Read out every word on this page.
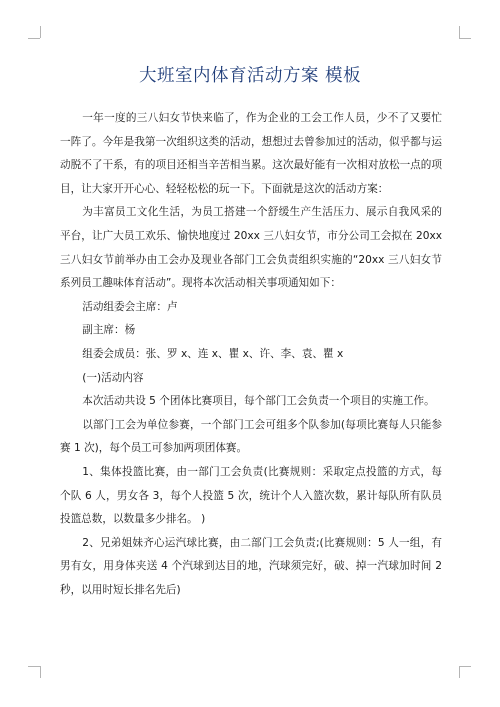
大班室内体育活动方案 模板

一年一度的三八妇女节快来临了，作为企业的工会工作人员，少不了又要忙一阵了。今年是我第一次组织这类的活动，想想过去曾参加过的活动，似乎都与运动脱不了干系，有的项目还相当辛苦相当累。这次最好能有一次相对放松一点的项目，让大家开开心心、轻轻松松的玩一下。下面就是这次的活动方案：

为丰富员工文化生活，为员工搭建一个舒缓生产生活压力、展示自我风采的平台，让广大员工欢乐、愉快地度过 20xx 三八妇女节，市分公司工会拟在 20xx 三八妇女节前举办由工会办及现业各部门工会负责组织实施的“20xx 三八妇女节系列员工趣味体育活动”。现将本次活动相关事项通知如下：

活动组委会主席：卢

副主席：杨

组委会成员：张、罗 x、连 x、瞿 x、许、李、袁、瞿 x

(一)活动内容

本次活动共设 5 个团体比赛项目，每个部门工会负责一个项目的实施工作。

以部门工会为单位参赛，一个部门工会可组多个队参加(每项比赛每人只能参赛 1 次)，每个员工可参加两项团体赛。

1、集体投篮比赛，由一部门工会负责(比赛规则：采取定点投篮的方式，每个队 6 人，男女各 3，每个人投篮 5 次，统计个人入篮次数，累计每队所有队员投篮总数，以数量多少排名。 )

2、兄弟姐妹齐心运汽球比赛，由二部门工会负责;(比赛规则：5 人一组，有男有女，用身体夹送 4 个汽球到达目的地，汽球须完好，破、掉一汽球加时间 2 秒，以用时短长排名先后)
